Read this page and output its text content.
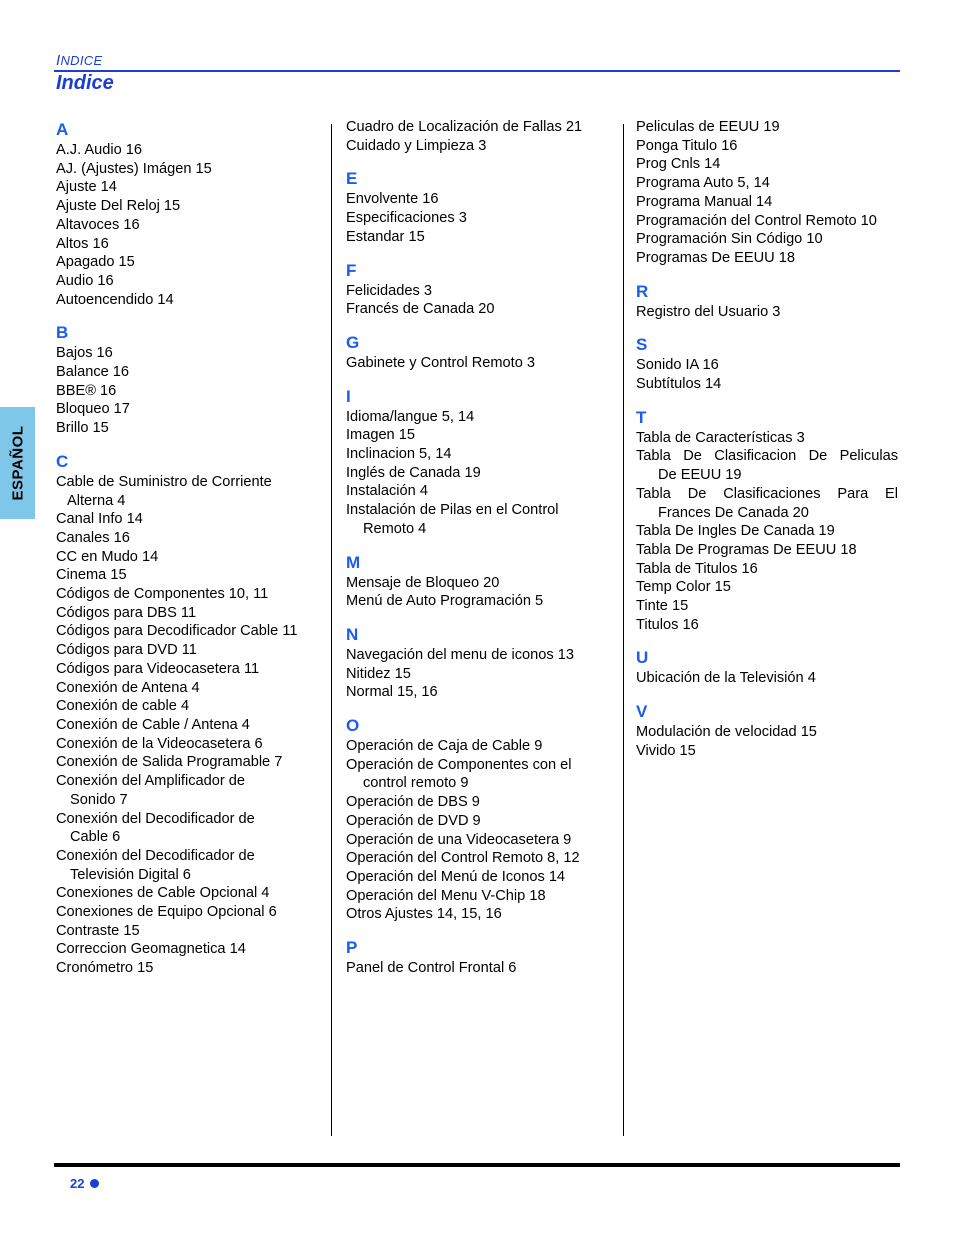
INDICE
Indice
A
A.J. Audio 16
AJ. (Ajustes) Imágen 15
Ajuste 14
Ajuste Del Reloj 15
Altavoces 16
Altos 16
Apagado 15
Audio 16
Autoencendido 14
B
Bajos 16
Balance 16
BBE® 16
Bloqueo 17
Brillo 15
C
Cable de Suministro de Corriente
Alterna 4
Canal Info 14
Canales 16
CC en Mudo 14
Cinema 15
Códigos de Componentes 10, 11
Códigos para DBS 11
Códigos para Decodificador Cable 11
Códigos para DVD 11
Códigos para Videocasetera 11
Conexión de Antena 4
Conexión de cable 4
Conexión de Cable / Antena 4
Conexión de la Videocasetera 6
Conexión de Salida Programable 7
Conexión del Amplificador de
Sonido 7
Conexión del Decodificador de
Cable 6
Conexión del Decodificador de
Televisión Digital 6
Conexiones de Cable Opcional 4
Conexiones de Equipo Opcional 6
Contraste 15
Correccion Geomagnetica 14
Cronómetro 15
Cuadro de Localización de Fallas 21
Cuidado y Limpieza 3
E
Envolvente 16
Especificaciones 3
Estandar 15
F
Felicidades 3
Francés de Canada 20
G
Gabinete y Control Remoto 3
I
Idioma/langue 5, 14
Imagen 15
Inclinacion 5, 14
Inglés de Canada 19
Instalación 4
Instalación de Pilas en el Control
Remoto 4
M
Mensaje de Bloqueo 20
Menú de Auto Programación 5
N
Navegación del menu de iconos 13
Nitidez 15
Normal 15, 16
O
Operación de Caja de Cable 9
Operación de Componentes con el
control remoto 9
Operación de DBS 9
Operación de DVD 9
Operación de una Videocasetera 9
Operación del Control Remoto 8, 12
Operación del Menú de Iconos 14
Operación del Menu V-Chip 18
Otros Ajustes 14, 15, 16
P
Panel de Control Frontal 6
Peliculas de EEUU 19
Ponga Titulo 16
Prog Cnls 14
Programa Auto 5, 14
Programa Manual 14
Programación del Control Remoto 10
Programación Sin Código 10
Programas De EEUU 18
R
Registro del Usuario 3
S
Sonido IA 16
Subtítulos 14
T
Tabla de Características 3
Tabla De Clasificacion De Peliculas
De EEUU 19
Tabla De Clasificaciones Para El
Frances De Canada 20
Tabla De Ingles De Canada 19
Tabla De Programas De EEUU 18
Tabla de Titulos 16
Temp Color 15
Tinte 15
Titulos 16
U
Ubicación de la Televisión 4
V
Modulación de velocidad 15
Vivido 15
ESPAÑOL
22
